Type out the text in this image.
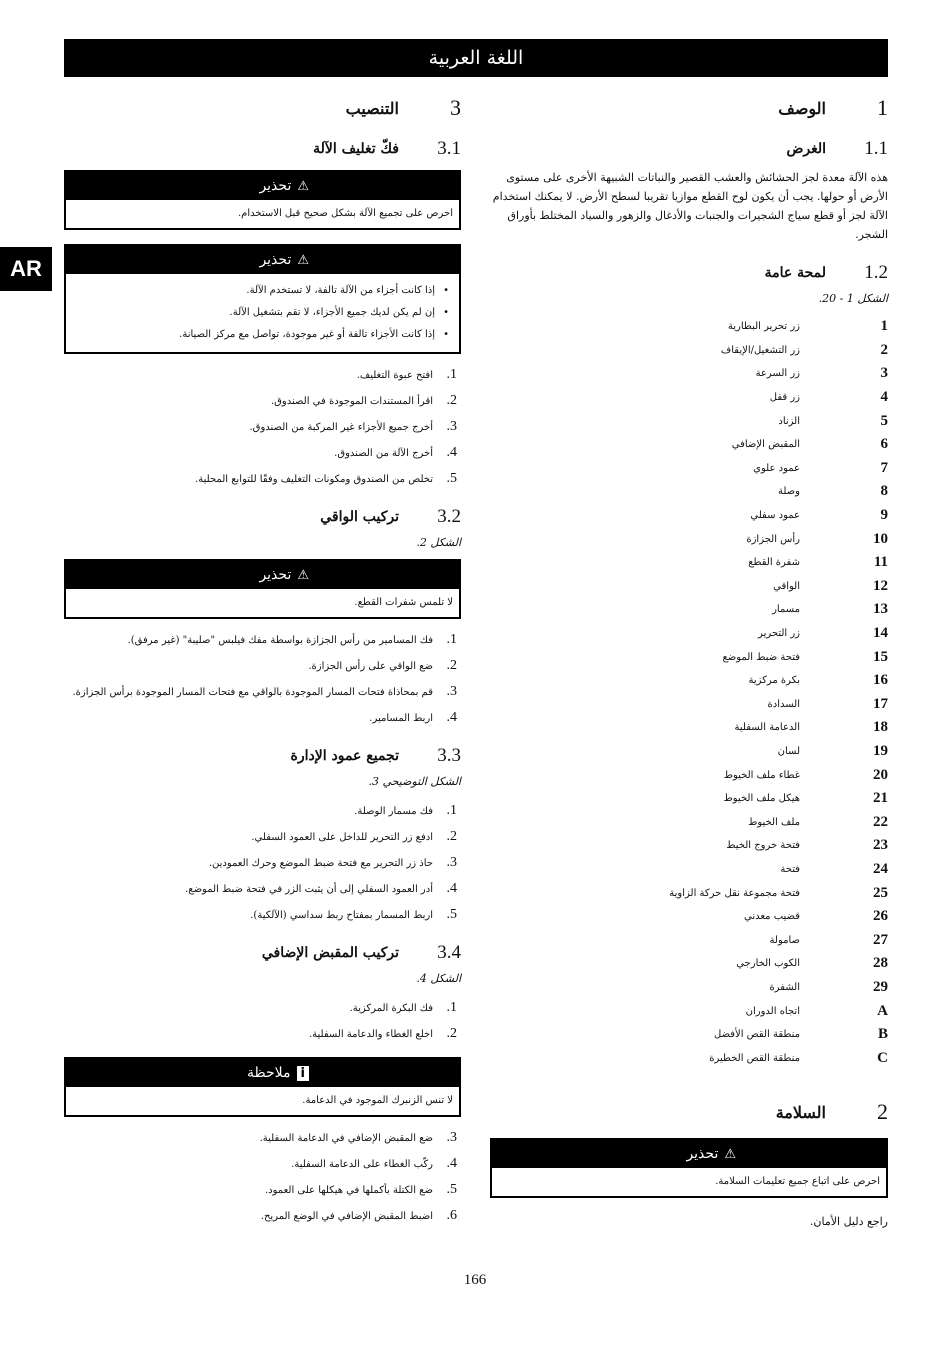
اللغة العربية
AR
1
الوصف
1.1
الغرض

هذه الآلة معدة لجز الحشائش والعشب القصير والنباتات الشبيهة الأخرى على مستوى الأرض أو حولها. يجب أن يكون لوح القطع موازيا تقريبا لسطح الأرض. لا يمكنك استخدام الآلة لجز أو قطع سياج الشجيرات والجنبات والأدغال والزهور والسياد المختلط بأوراق الشجر.

1.2
لمحة عامة
الشكل 1 - 20.
1
زر تحرير البطارية
2
زر التشغيل/الإيقاف
3
زر السرعة
4
زر قفل
5
الزناد
6
المقبض الإضافي
7
عمود علوي
8
وصلة
9
عمود سفلي
10
رأس الجزازة
11
شفرة القطع
12
الواقي
13
مسمار
14
زر التحرير
15
فتحة ضبط الموضع
16
بكرة مركزية
17
السدادة
18
الدعامة السفلية
19
لسان
20
غطاء ملف الخيوط
21
هيكل ملف الخيوط
22
ملف الخيوط
23
فتحة خروج الخيط
24
فتحة
25
فتحة مجموعة نقل حركة الزاوية
26
قضيب معدني
27
صامولة
28
الكوب الخارجي
29
الشفرة
A
اتجاه الدوران
B
منطقة القص الأفضل
C
منطقة القص الخطيرة
2
السلامة
⚠تحذير
احرص على اتباع جميع تعليمات السلامة.

راجع دليل الأمان.

3
التنصيب
3.1
فكّ تغليف الآلة
⚠تحذير
احرص على تجميع الآلة بشكل صحيح قبل الاستخدام.
⚠تحذير
• إذا كانت أجزاء من الآلة تالفة، لا تستخدم الآلة.
• إن لم يكن لديك جميع الأجزاء، لا تقم بتشغيل الآلة.
• إذا كانت الأجزاء تالفة أو غير موجودة، تواصل مع مركز الصيانة.
1.
افتح عبوة التغليف.
2.
اقرأ المستندات الموجودة في الصندوق.
3.
أخرج جميع الأجزاء غير المركبة من الصندوق.
4.
أخرج الآلة من الصندوق.
5.
تخلص من الصندوق ومكونات التغليف وفقًا للتوابع المحلية.
3.2
تركيب الواقي
الشكل 2.
⚠تحذير
لا تلمس شفرات القطع.
1.
فك المسامير من رأس الجزازة بواسطة مفك فيلبس "صليبة" (غير مرفق).
2.
ضع الواقي على رأس الجزازة.
3.
قم بمحاذاة فتحات المسار الموجودة بالواقي مع فتحات المسار الموجودة برأس الجزازة.
4.
اربط المسامير.
3.3
تجميع عمود الإدارة
الشكل التوضيحي 3.
1.
فك مسمار الوصلة.
2.
ادفع زر التحرير للداخل على العمود السفلي.
3.
حاذ زر التحرير مع فتحة ضبط الموضع وحرك العمودين.
4.
أدر العمود السفلي إلى أن يثبت الزر في فتحة ضبط الموضع.
5.
اربط المسمار بمفتاح ربط سداسي (الآلكية).
3.4
تركيب المقبض الإضافي
الشكل 4.
1.
فك البكرة المركزية.
2.
اخلع الغطاء والدعامة السفلية.
iملاحظة
لا تنس الزنبرك الموجود في الدعامة.
3.
ضع المقبض الإضافي في الدعامة السفلية.
4.
ركّب الغطاء على الدعامة السفلية.
5.
ضع الكتلة بأكملها في هيكلها على العمود.
6.
اضبط المقبض الإضافي في الوضع المريح.
166
